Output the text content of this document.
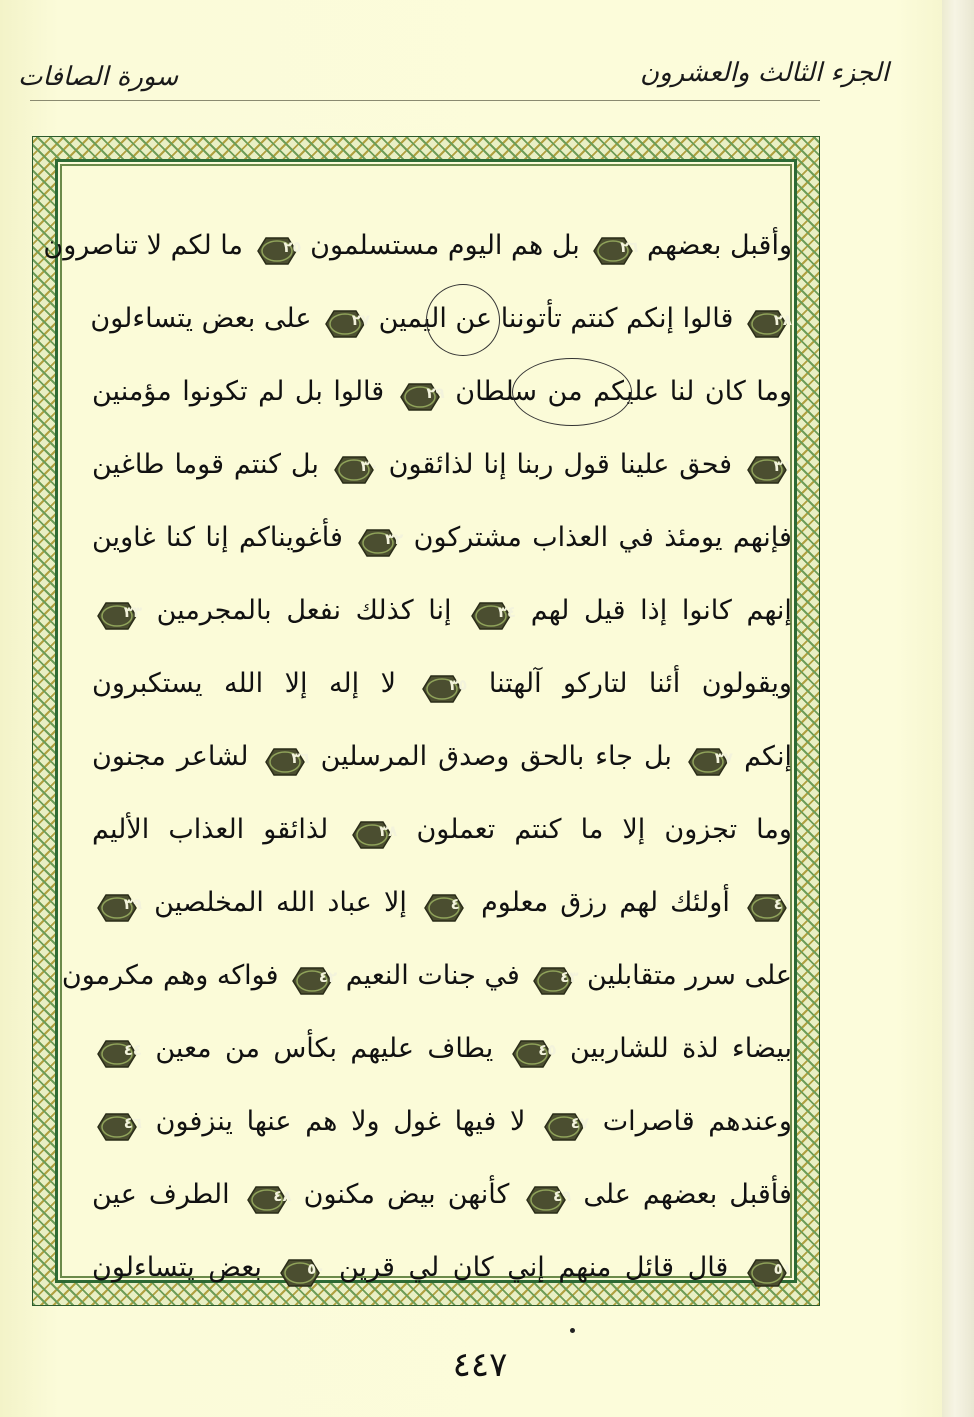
سورة الصافات	الجزء الثالث والعشرون
وأقبل بعضهم
٢٦
بل هم اليوم مستسلمون
٢٥
ما لكم لا تناصرون
٢٨
قالوا إنكم كنتم تأتوننا عن اليمين
٢٧
على بعض يتساءلون
وما كان لنا عليكم من سلطان
٢٩
قالوا بل لم تكونوا مؤمنين
٣١
فحق علينا قول ربنا إنا لذائقون
٣٠
بل كنتم قوما طاغين
فإنهم يومئذ في العذاب مشتركون
٣٢
فأغويناكم إنا كنا غاوين
إنهم كانوا إذا قيل لهم
٣٤
إنا كذلك نفعل بالمجرمين
٣٣
ويقولون أئنا لتاركو آلهتنا
٣٥
لا إله إلا الله يستكبرون
إنكم
٣٧
بل جاء بالحق وصدق المرسلين
٣٦
لشاعر مجنون
وما تجزون إلا ما كنتم تعملون
٣٨
لذائقو العذاب الأليم
٤١
أولئك لهم رزق معلوم
٤٠
إلا عباد الله المخلصين
٣٩
على سرر متقابلين
٤٣
في جنات النعيم
٤٢
فواكه وهم مكرمون
بيضاء لذة للشاربين
٤٥
يطاف عليهم بكأس من معين
٤٤
وعندهم قاصرات
٤٧
لا فيها غول ولا هم عنها ينزفون
٤٦
فأقبل بعضهم على
٤٩
كأنهن بيض مكنون
٤٨
الطرف عين
٥١
قال قائل منهم إني كان لي قرين
٥٠
بعض يتساءلون
٤٤٧
